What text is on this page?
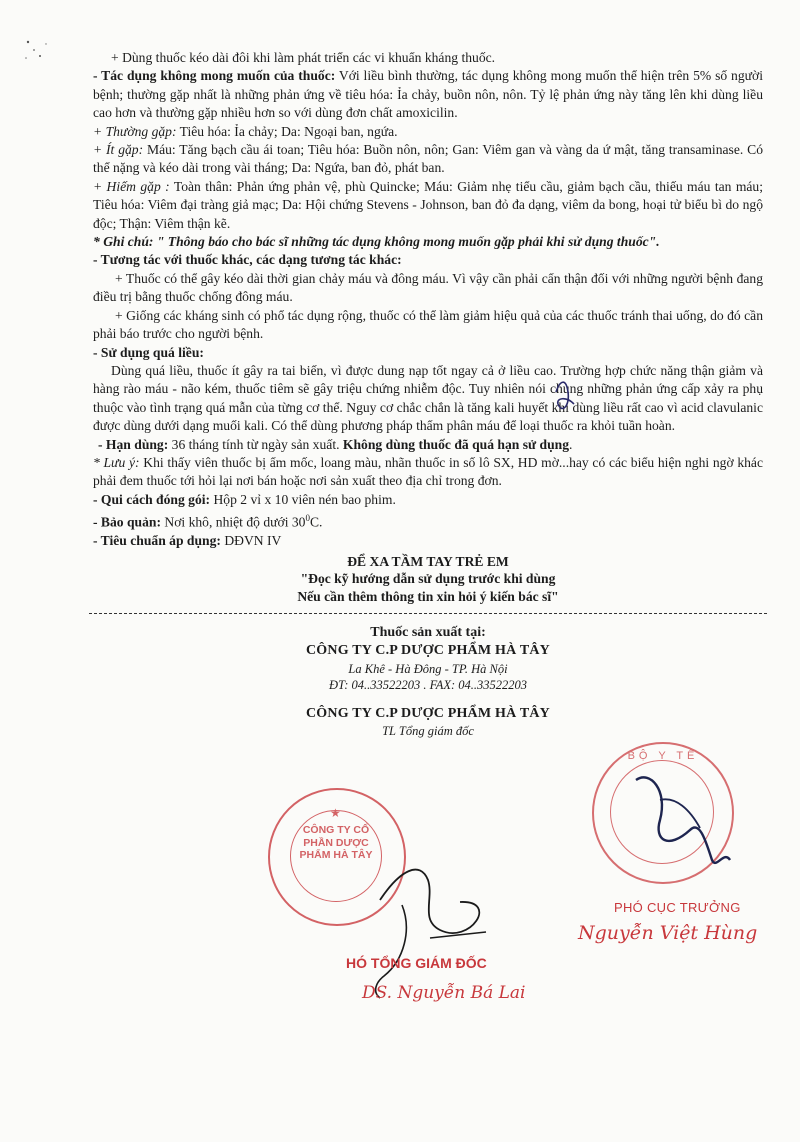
+ Dùng thuốc kéo dài đôi khi làm phát triển các vi khuẩn kháng thuốc.

- Tác dụng không mong muốn của thuốc: Với liều bình thường, tác dụng không mong muốn thể hiện trên 5% số người bệnh; thường gặp nhất là những phản ứng về tiêu hóa: Ỉa chảy, buồn nôn, nôn. Tỷ lệ phản ứng này tăng lên khi dùng liều cao hơn và thường gặp nhiều hơn so với dùng đơn chất amoxicilin.

+ Thường gặp: Tiêu hóa: Ỉa chảy; Da: Ngoại ban, ngứa.

+ Ít gặp: Máu: Tăng bạch cầu ái toan; Tiêu hóa: Buồn nôn, nôn; Gan: Viêm gan và vàng da ứ mật, tăng transaminase. Có thể nặng và kéo dài trong vài tháng; Da: Ngứa, ban đỏ, phát ban.

+ Hiếm gặp : Toàn thân: Phản ứng phản vệ, phù Quincke; Máu: Giảm nhẹ tiểu cầu, giảm bạch cầu, thiếu máu tan máu; Tiêu hóa: Viêm đại tràng giả mạc; Da: Hội chứng Stevens - Johnson, ban đỏ đa dạng, viêm da bong, hoại tử biểu bì do ngộ độc; Thận: Viêm thận kẽ.

* Ghi chú: " Thông báo cho bác sĩ những tác dụng không mong muốn gặp phải khi sử dụng thuốc".

- Tương tác với thuốc khác, các dạng tương tác khác:

+ Thuốc có thể gây kéo dài thời gian chảy máu và đông máu. Vì vậy cần phải cẩn thận đối với những người bệnh đang điều trị bằng thuốc chống đông máu.

+ Giống các kháng sinh có phổ tác dụng rộng, thuốc có thể làm giảm hiệu quả của các thuốc tránh thai uống, do đó cần phải báo trước cho người bệnh.

- Sử dụng quá liều:

Dùng quá liều, thuốc ít gây ra tai biến, vì được dung nạp tốt ngay cả ở liều cao. Trường hợp chức năng thận giảm và hàng rào máu - não kém, thuốc tiêm sẽ gây triệu chứng nhiễm độc. Tuy nhiên nói chung những phản ứng cấp xảy ra phụ thuộc vào tình trạng quá mẫn của từng cơ thể. Nguy cơ chắc chắn là tăng kali huyết khi dùng liều rất cao vì acid clavulanic được dùng dưới dạng muối kali. Có thể dùng phương pháp thẩm phân máu để loại thuốc ra khỏi tuần hoàn.

- Hạn dùng: 36 tháng tính từ ngày sản xuất. Không dùng thuốc đã quá hạn sử dụng.

* Lưu ý: Khi thấy viên thuốc bị ẩm mốc, loang màu, nhãn thuốc in số lô SX, HD mờ...hay có các biểu hiện nghi ngờ khác phải đem thuốc tới hỏi lại nơi bán hoặc nơi sản xuất theo địa chỉ trong đơn.

- Qui cách đóng gói: Hộp 2 vỉ x 10 viên nén bao phim.

- Bảo quản: Nơi khô, nhiệt độ dưới $30^0C$.

- Tiêu chuẩn áp dụng: DĐVN IV

ĐỂ XA TẦM TAY TRẺ EM

"Đọc kỹ hướng dẫn sử dụng trước khi dùng

Nếu cần thêm thông tin xin hỏi ý kiến bác sĩ"

Thuốc sản xuất tại:
CÔNG TY C.P DƯỢC PHẨM HÀ TÂY
La Khê - Hà Đông - TP. Hà Nội
ĐT: 04..33522203 . FAX: 04..33522203
CÔNG TY C.P DƯỢC PHẨM HÀ TÂY
TL Tổng giám đốc
★
CÔNG TY CỔ PHẦN DƯỢC PHẨM HÀ TÂY
BỘ Y TẾ
PHÓ CỤC TRƯỞNG
Nguyễn Việt Hùng
HÓ TỔNG GIÁM ĐỐC
DS. Nguyễn Bá Lai
